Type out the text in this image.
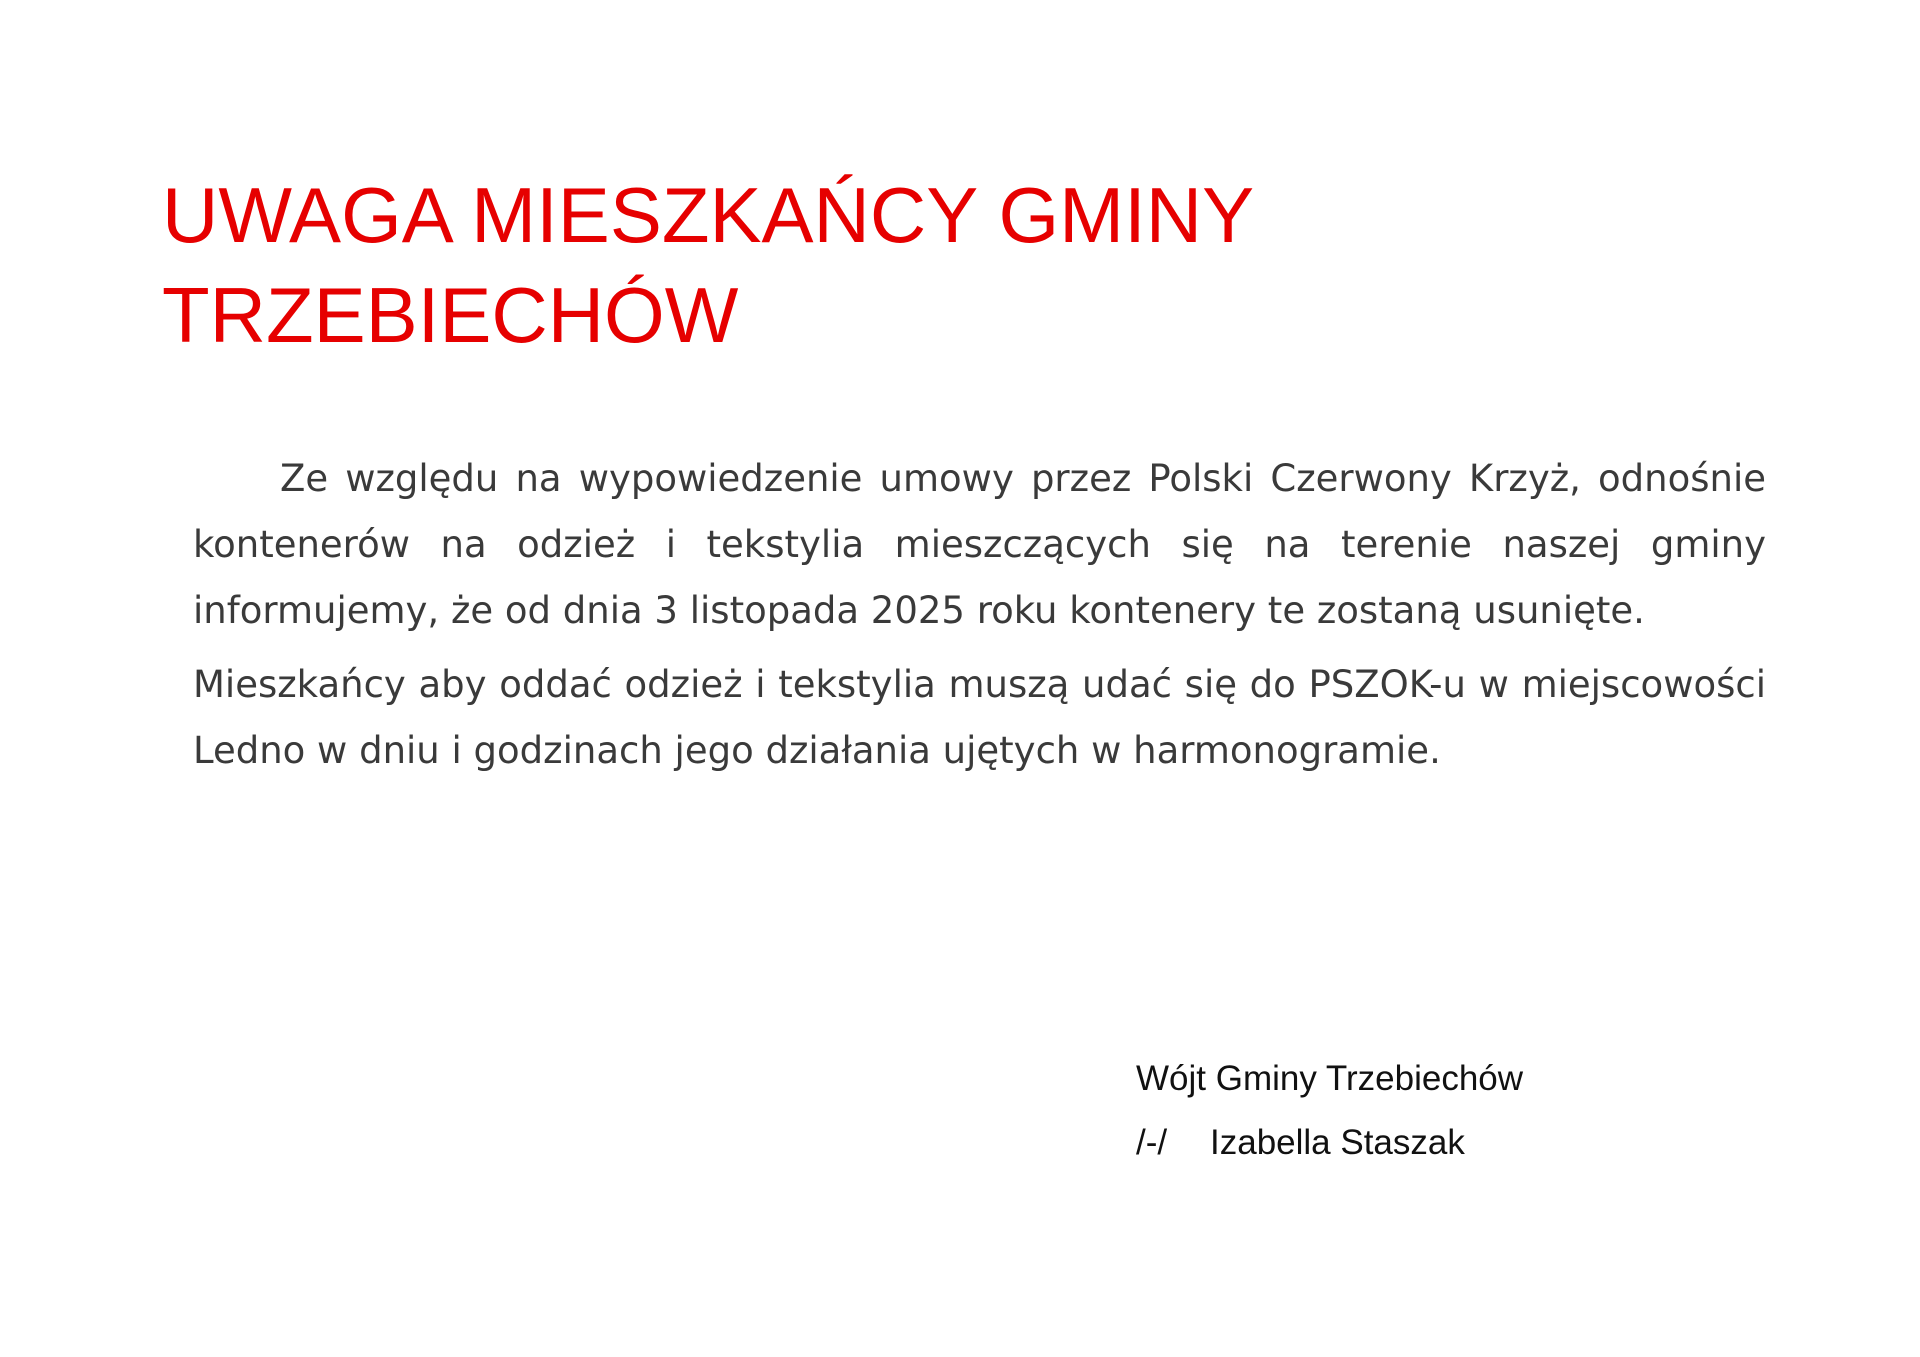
UWAGA MIESZKAŃCY GMINY
TRZEBIECHÓW

Ze względu na wypowiedzenie umowy przez Polski Czerwony Krzyż, odnośnie kontenerów na odzież i tekstylia mieszczących się na terenie naszej gminy informujemy, że od dnia 3 listopada 2025 roku kontenery te zostaną usunięte.

Mieszkańcy aby oddać odzież i tekstylia muszą udać się do PSZOK-u w miejscowości Ledno w dniu i godzinach jego działania ujętych w harmonogramie.

Wójt Gminy Trzebiechów
/-/ Izabella Staszak
